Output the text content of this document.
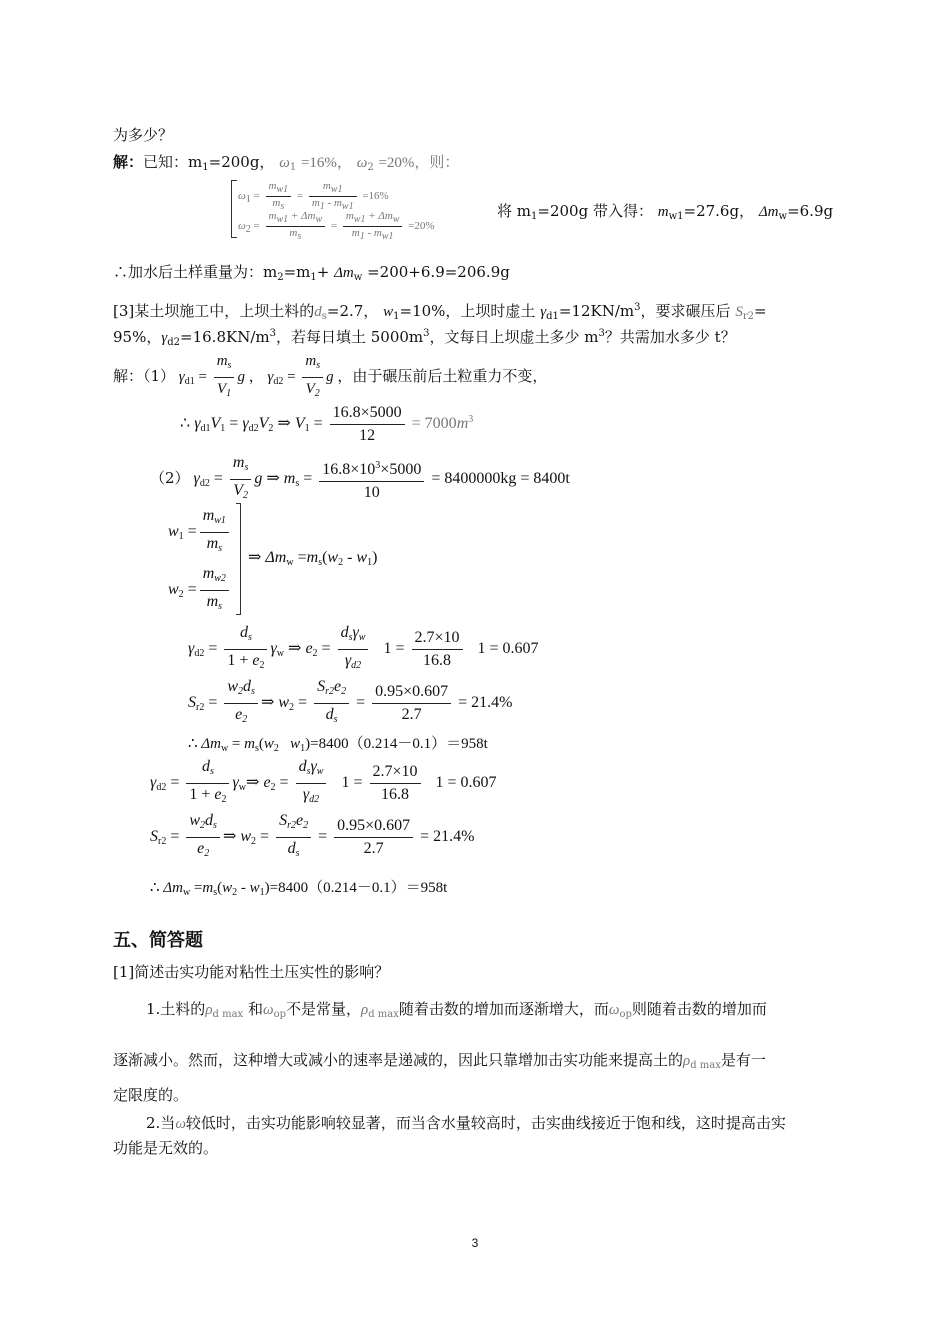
为多少？
解：已知：$m_1=200g$， $\omega_1 =16\%$， $\omega_2 =20\%$，则：
$\omega_1 = \frac{m_{w1}}{m_s} = \frac{m_{w1}}{m_1 - m_{w1}} =16\%$
$\omega_2 = \frac{m_{w1} + \Delta m_w}{m_s} = \frac{m_{w1} + \Delta m_w}{m_1 - m_{w1}} =20\%$
将 $m_1=200g$ 带入得： $m_{w1}=27.6g$， $\Delta m_w=6.9g$
∴加水后土样重量为：$m_2=m_1+ \Delta m_w =200+6.9=206.9g$
[3]某土坝施工中，上坝土料的$d_s=2.7$， $w_1=10\%$，上坝时虚土 $\gamma_{d1}=12KN/m^3$，要求碾压后 $S_{r2}=$
95%，$\gamma_{d2}=16.8KN/m^3$，若每日填土 $5000m^3$，文每日上坝虚土多少 $m^3$？共需加水多少 t？
解：（1） $\gamma_{d1} = \frac{m_s}{V_1}$ g ， $\gamma_{d2} = \frac{m_s}{V_2}$ g ，由于碾压前后土粒重力不变，
∴ $\gamma_{d1}V_1 = \gamma_{d2}V_2$ ⇒ $V_1 = \frac{16.8\times 5000}{12} = 7000m^3$
（2） $\gamma_{d2} = \frac{m_s}{V_2}$ g ⇒ $m_s = \frac{16.8\times 10^3\times 5000}{10} = 8400000kg = 8400t$
$w_1 = \frac{m_{w1}}{m_s}$
$w_2 = \frac{m_{w2}}{m_s}$
⇒ $\Delta m_w =m_s(w_2 - w_1)$
$\gamma_{d2} = \frac{d_s}{1 + e_2} \gamma_w$ ⇒ $e_2 = \frac{d_s\gamma_w}{\gamma_{d2}} 1 = \frac{2.7\times 10}{16.8} 1 = 0.607$
$S_{r2} = \frac{w_2d_s}{e_2}$ ⇒ $w_2 = \frac{S_{r2}e_2}{d_s} = \frac{0.95\times 0.607}{2.7} = 21.4\%$
∴ $\Delta m_w = m_s(w_2$ $w_1)=8400(0.214-0.1)=958t$
$\gamma_{d2} = \frac{d_s}{1 + e_2}$ $\gamma_w\Rightarrow$ $e_2 = \frac{d_s\gamma_w}{\gamma_{d2}} 1 = \frac{2.7\times 10}{16.8} 1 = 0.607$
$S_{r2} = \frac{w_2d_s}{e_2}$ ⇒ $w_2 = \frac{S_{r2}e_2}{d_s} = \frac{0.95\times 0.607}{2.7} = 21.4\%$
∴ $\Delta m_w =m_s(w_2 - w_1)=8400(0.214-0.1)=958t$
五、简答题
[1]简述击实功能对粘性土压实性的影响？
1.土料的$\rho_{d max}$ 和$\omega_{op}$不是常量，$\rho_{d max}$随着击数的增加而逐渐增大，而$\omega_{op}$则随着击数的增加而
逐渐减小。然而，这种增大或减小的速率是递减的，因此只靠增加击实功能来提高土的$\rho_{d max}$是有一
定限度的。
2.当ω较低时，击实功能影响较显著，而当含水量较高时，击实曲线接近于饱和线，这时提高击实
功能是无效的。
3
